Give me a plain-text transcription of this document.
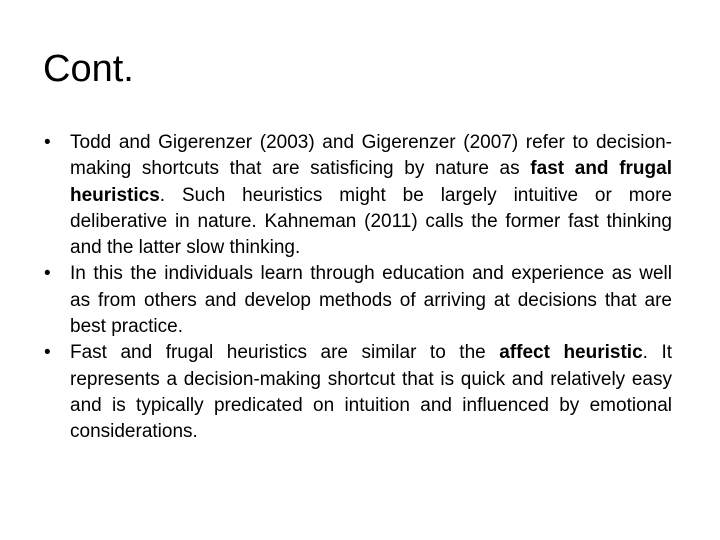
Cont.
• Todd and Gigerenzer (2003) and Gigerenzer (2007) refer to decision-making shortcuts that are satisficing by nature as fast and frugal heuristics. Such heuristics might be largely intuitive or more deliberative in nature. Kahneman (2011) calls the former fast thinking and the latter slow thinking.
• In this the individuals learn through education and experience as well as from others and develop methods of arriving at decisions that are best practice.
• Fast and frugal heuristics are similar to the affect heuristic. It represents a decision-making shortcut that is quick and relatively easy and is typically predicated on intuition and influenced by emotional considerations.
